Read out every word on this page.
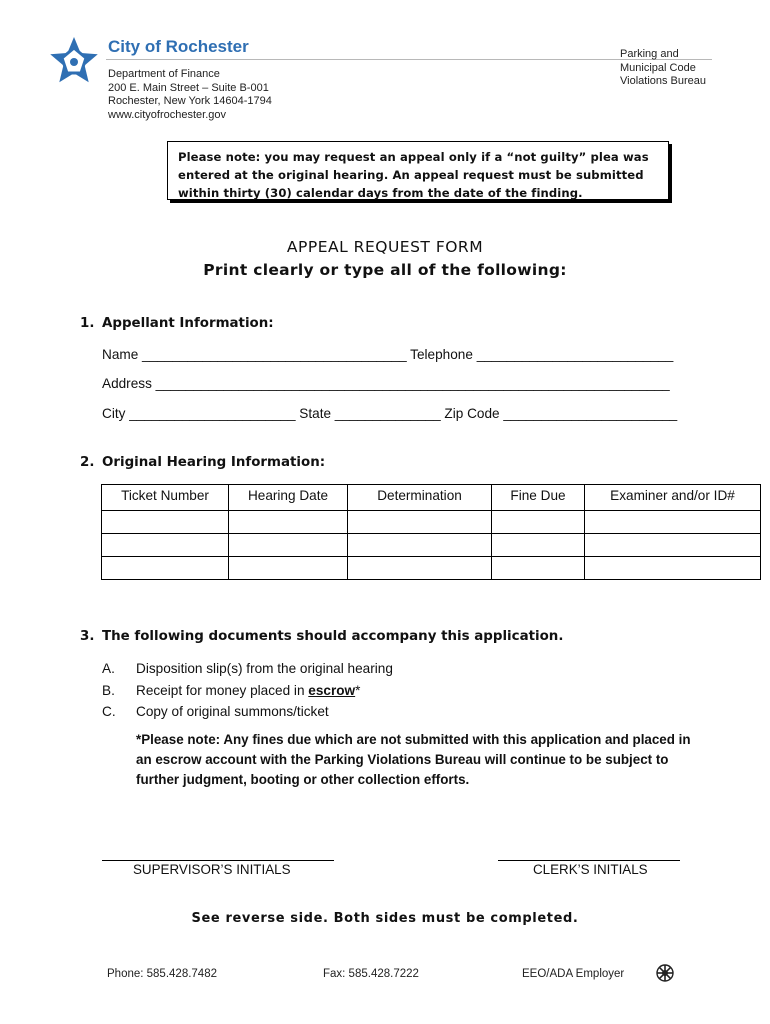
City of Rochester
Department of Finance
200 E. Main Street – Suite B-001
Rochester, New York 14604-1794
www.cityofrochester.gov
Parking and
Municipal Code
Violations Bureau
Please note: you may request an appeal only if a “not guilty” plea was
entered at the original hearing. An appeal request must be submitted
within thirty (30) calendar days from the date of the finding.
APPEAL REQUEST FORM
Print clearly or type all of the following:
1. Appellant Information:
Name ___________________________________ Telephone __________________________
Address ____________________________________________________________________
City ______________________ State ______________ Zip Code _______________________
2. Original Hearing Information:
Ticket Number	Hearing Date	Determination	Fine Due	Examiner and/or ID#

3. The following documents should accompany this application.
A. Disposition slip(s) from the original hearing
B. Receipt for money placed in escrow*
C. Copy of original summons/ticket
*Please note: Any fines due which are not submitted with this application and placed in
an escrow account with the Parking Violations Bureau will continue to be subject to
further judgment, booting or other collection efforts.
SUPERVISOR’S INITIALS	CLERK’S INITIALS
See reverse side. Both sides must be completed.
Phone: 585.428.7482	Fax: 585.428.7222	EEO/ADA Employer
